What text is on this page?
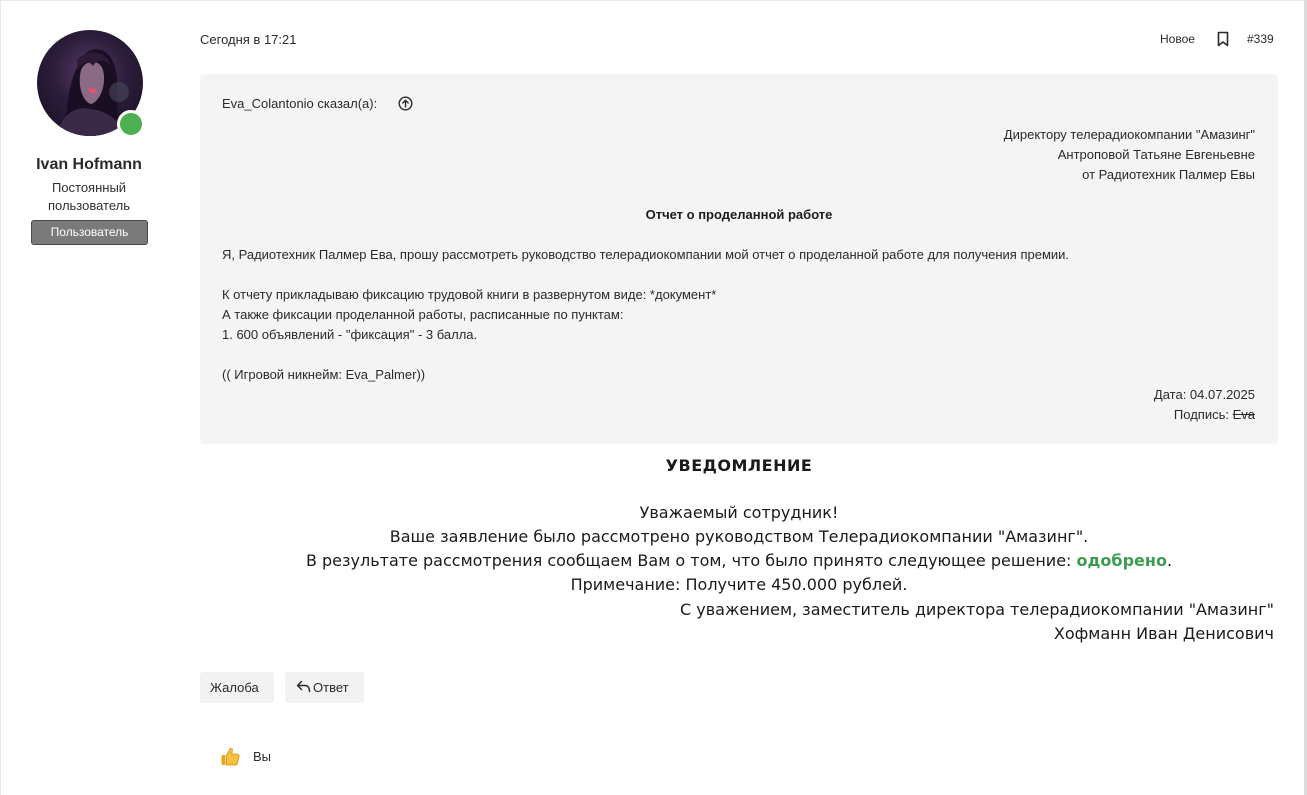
Ivan Hofmann
Постоянный пользователь
Пользователь
Сегодня в 17:21	Новое	#339
Eva_Colantonio сказал(а):
Директору телерадиокомпании "Амазинг"
Антроповой Татьяне Евгеньевне
от Радиотехник Палмер Евы
Отчет о проделанной работе
Я, Радиотехник Палмер Ева, прошу рассмотреть руководство телерадиокомпании мой отчет о проделанной работе для получения премии.
К отчету прикладываю фиксацию трудовой книги в развернутом виде: *документ*
А также фиксации проделанной работы, расписанные по пунктам:
1. 600 объявлений - "фиксация" - 3 балла.
(( Игровой никнейм: Eva_Palmer))
Дата: 04.07.2025
Подпись: Eva
УВЕДОМЛЕНИЕ
Уважаемый сотрудник!
Ваше заявление было рассмотрено руководством Телерадиокомпании "Амазинг".
В результате рассмотрения сообщаем Вам о том, что было принято следующее решение: одобрено.
Примечание: Получите 450.000 рублей.
С уважением, заместитель директора телерадиокомпании "Амазинг"
Хофманн Иван Денисович
Жалоба	Ответ
Вы
